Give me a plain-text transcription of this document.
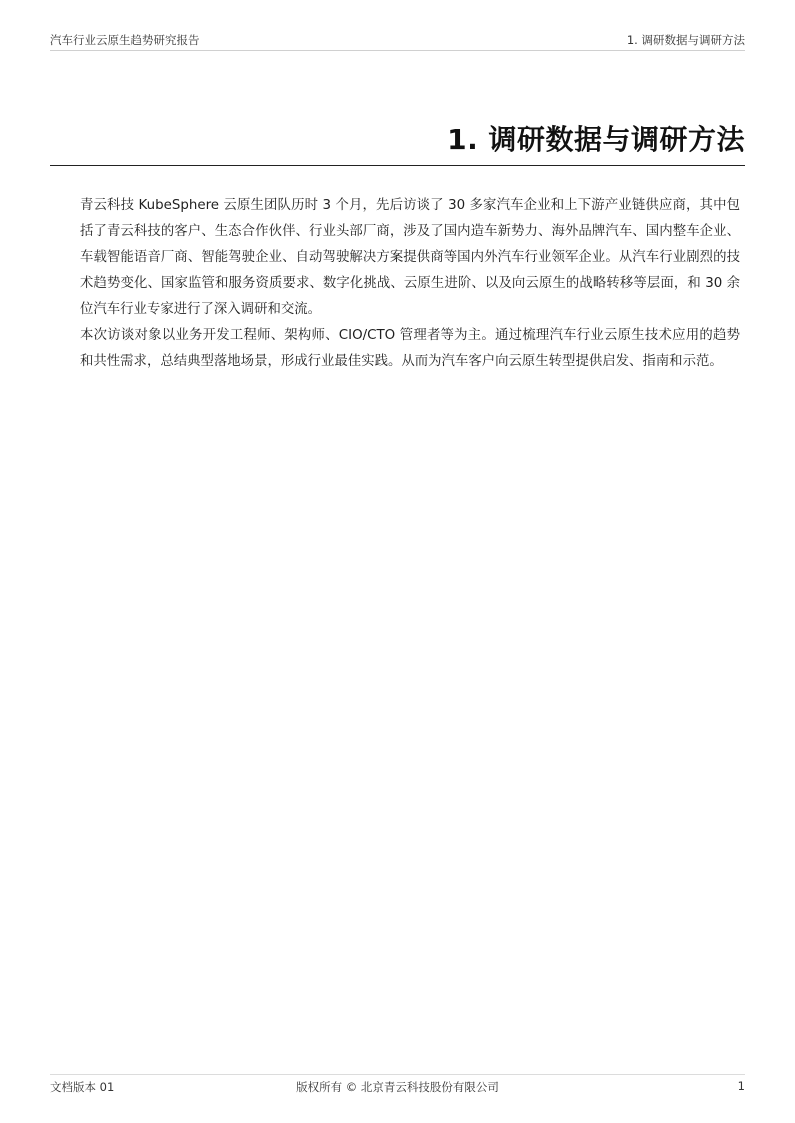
汽车行业云原生趋势研究报告	1. 调研数据与调研方法
1. 调研数据与调研方法

青云科技 KubeSphere 云原生团队历时 3 个月，先后访谈了 30 多家汽车企业和上下游产业链供应商，其中包括了青云科技的客户、生态合作伙伴、行业头部厂商，涉及了国内造车新势力、海外品牌汽车、国内整车企业、车载智能语音厂商、智能驾驶企业、自动驾驶解决方案提供商等国内外汽车行业领军企业。从汽车行业剧烈的技术趋势变化、国家监管和服务资质要求、数字化挑战、云原生进阶、以及向云原生的战略转移等层面，和 30 余位汽车行业专家进行了深入调研和交流。

本次访谈对象以业务开发工程师、架构师、CIO/CTO 管理者等为主。通过梳理汽车行业云原生技术应用的趋势和共性需求，总结典型落地场景，形成行业最佳实践。从而为汽车客户向云原生转型提供启发、指南和示范。

文档版本 01	版权所有 © 北京青云科技股份有限公司	1
